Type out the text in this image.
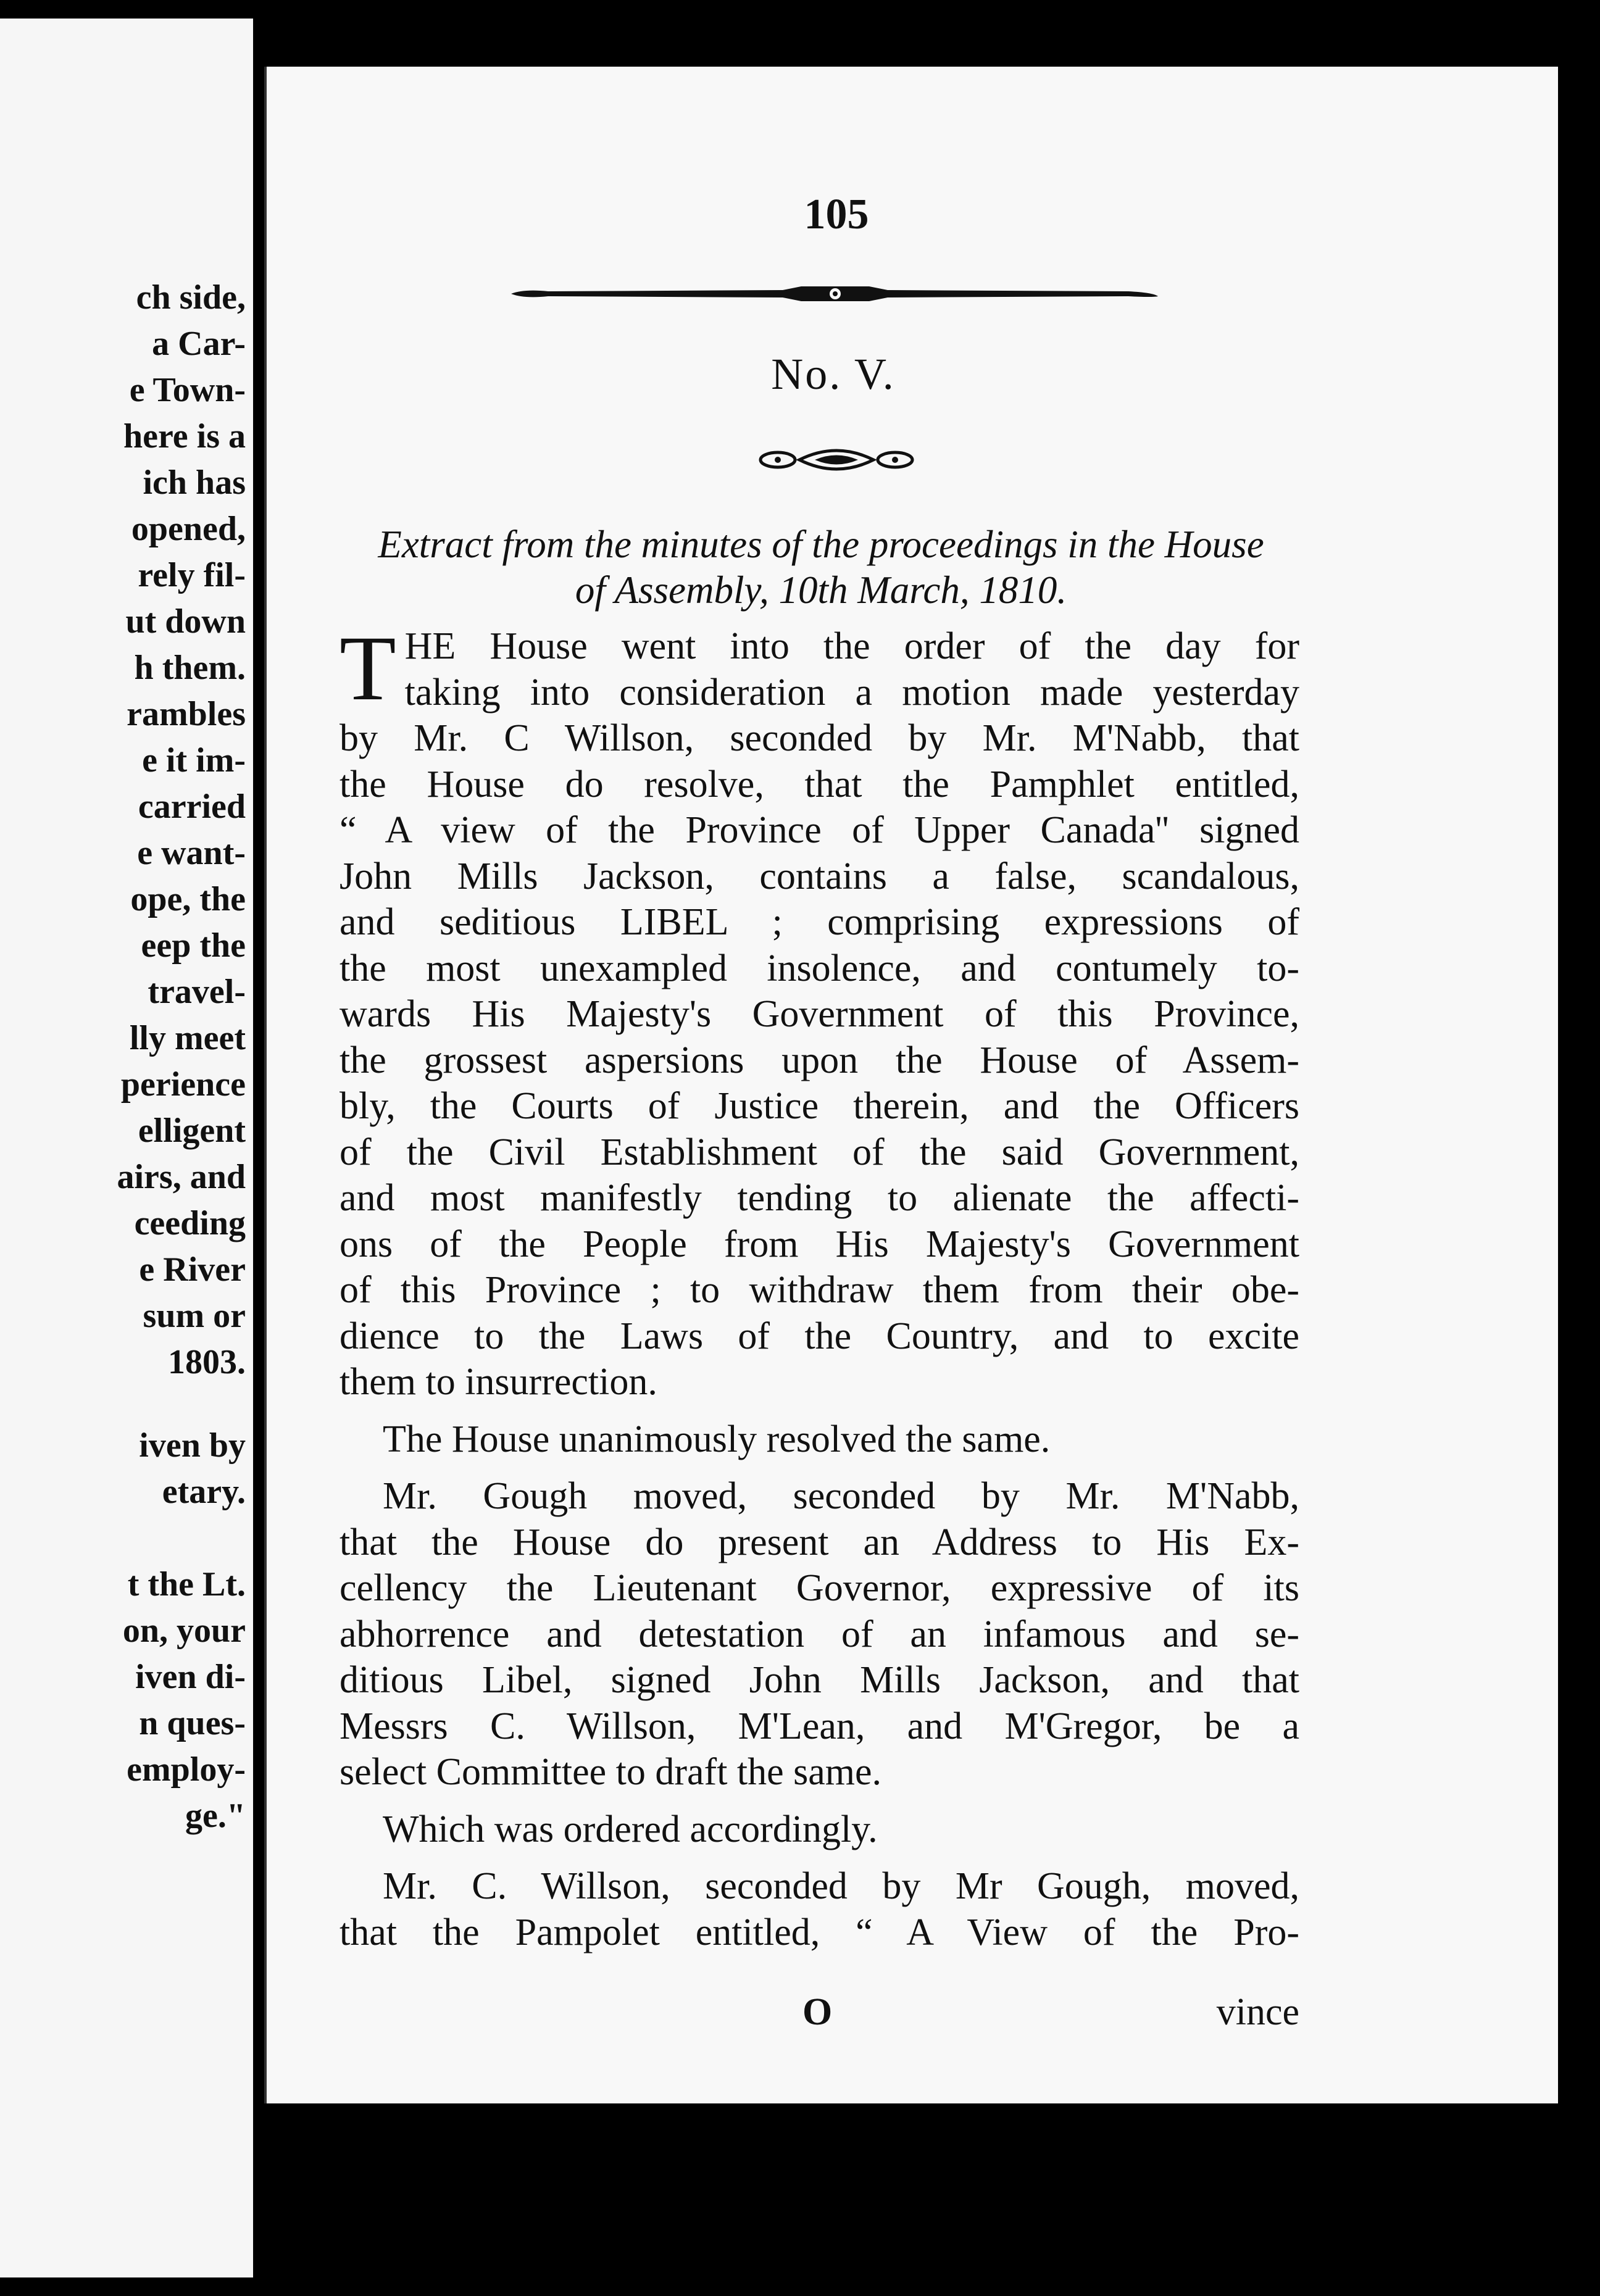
ch side,
a Car-
e Town-
here is a
ich has
opened,
rely fil-
ut down
h them.
rambles
e it im-
carried
e want-
ope, the
eep the
travel-
lly meet
perience
elligent
airs, and
ceeding
e River
sum or
1803.
iven by
etary.
t the Lt.
on, your
iven di-
n ques-
employ-
ge."
105
No. V.
Extract from the minutes of the proceedings in the House
of Assembly, 10th March, 1810.
T HE House went into the order of the day for
taking into consideration a motion made yesterday
by Mr. C Willson, seconded by Mr. M'Nabb, that
the House do resolve, that the Pamphlet entitled,
“ A view of the Province of Upper Canada'' signed
John Mills Jackson, contains a false, scandalous,
and seditious LIBEL ; comprising expressions of
the most unexampled insolence, and contumely to-
wards His Majesty's Government of this Province,
the grossest aspersions upon the House of Assem-
bly, the Courts of Justice therein, and the Officers
of the Civil Establishment of the said Government,
and most manifestly tending to alienate the affecti-
ons of the People from His Majesty's Government
of this Province ; to withdraw them from their obe-
dience to the Laws of the Country, and to excite
them to insurrection.
The House unanimously resolved the same.
Mr. Gough moved, seconded by Mr. M'Nabb,
that the House do present an Address to His Ex-
cellency the Lieutenant Governor, expressive of its
abhorrence and detestation of an infamous and se-
ditious Libel, signed John Mills Jackson, and that
Messrs C. Willson, M'Lean, and M'Gregor, be a
select Committee to draft the same.
Which was ordered accordingly.
Mr. C. Willson, seconded by Mr Gough, moved,
that the Pampolet entitled, “ A View of the Pro-
O	vince
